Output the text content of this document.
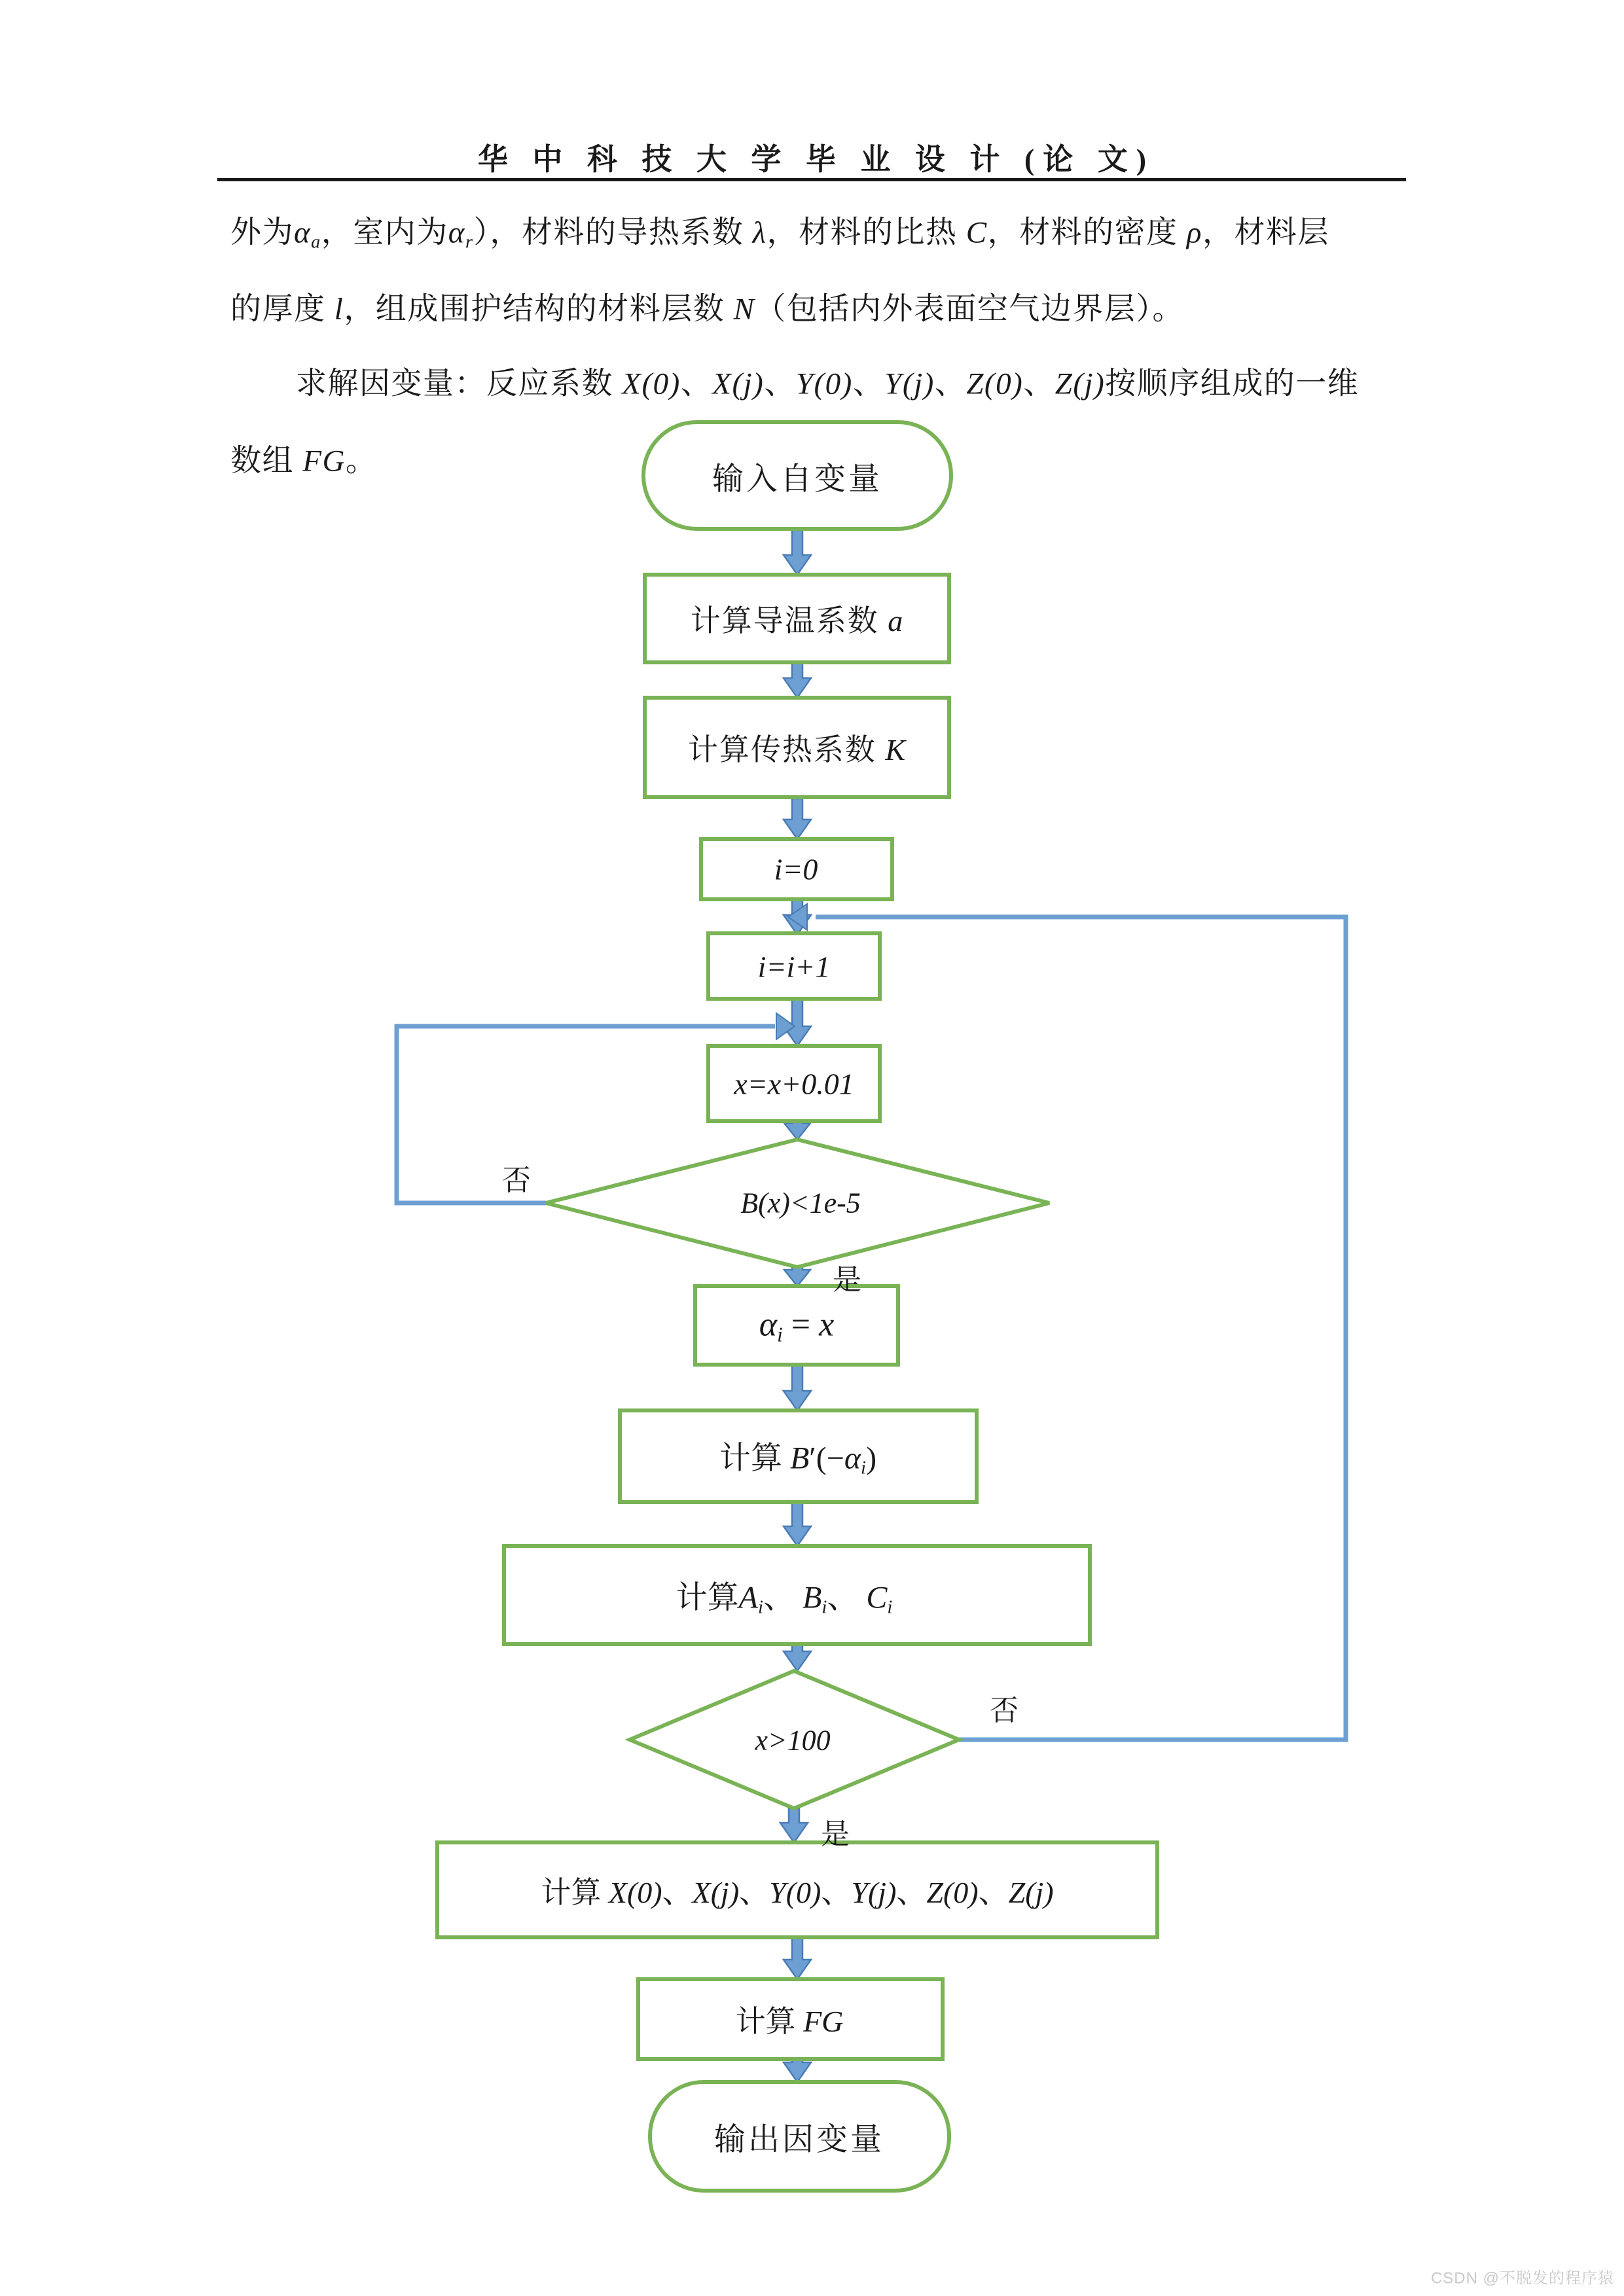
华 中 科 技 大 学 毕 业 设 计 (论 文)
外为αa，室内为αr），材料的导热系数 λ，材料的比热 C，材料的密度 ρ，材料层
的厚度 l，组成围护结构的材料层数 N（包括内外表面空气边界层）。
求解因变量：反应系数 X(0)、X(j)、Y(0)、Y(j)、Z(0)、Z(j)按顺序组成的一维
数组 FG。
输入自变量
计算导温系数 a
计算传热系数 K
i=0
i=i+1
x=x+0.01
B(x)<1e-5
αi = x
计算 B′(−αi)
计算Ai、 Bi、 Ci
x>100
计算 X(0)、X(j)、Y(0)、Y(j)、Z(0)、Z(j)
计算 FG
输出因变量
否
是
否
是
CSDN @不脱发的程序猿
